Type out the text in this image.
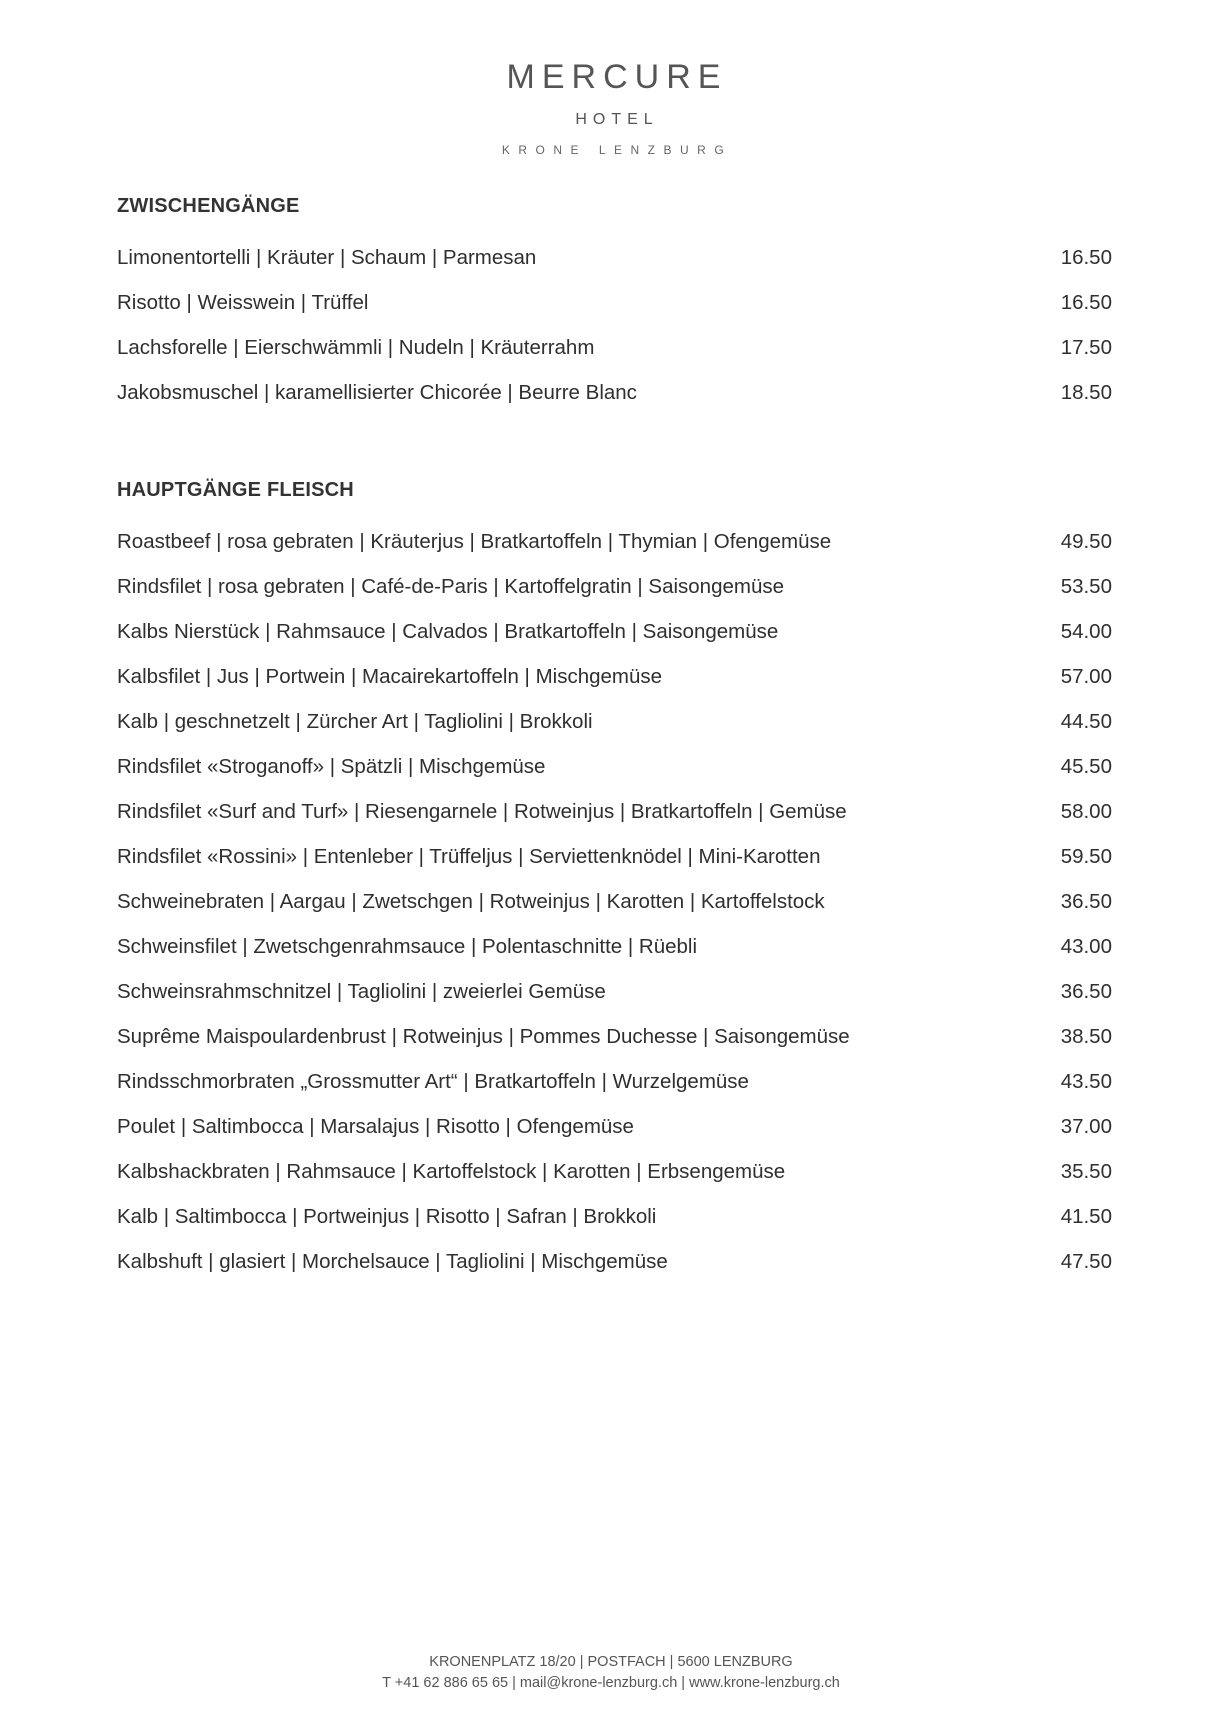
MERCURE
HOTEL
KRONE LENZBURG
ZWISCHENGÄNGE
Limonentortelli | Kräuter | Schaum | Parmesan	16.50
Risotto | Weisswein | Trüffel	16.50
Lachsforelle | Eierschwämmli | Nudeln | Kräuterrahm	17.50
Jakobsmuschel | karamellisierter Chicorée | Beurre Blanc	18.50
HAUPTGÄNGE FLEISCH
Roastbeef | rosa gebraten | Kräuterjus | Bratkartoffeln | Thymian | Ofengemüse	49.50
Rindsfilet | rosa gebraten | Café-de-Paris | Kartoffelgratin | Saisongemüse	53.50
Kalbs Nierstück | Rahmsauce | Calvados | Bratkartoffeln | Saisongemüse	54.00
Kalbsfilet | Jus | Portwein | Macairekartoffeln | Mischgemüse	57.00
Kalb | geschnetzelt | Zürcher Art | Tagliolini | Brokkoli	44.50
Rindsfilet «Stroganoff» | Spätzli | Mischgemüse	45.50
Rindsfilet «Surf and Turf» | Riesengarnele | Rotweinjus | Bratkartoffeln | Gemüse	58.00
Rindsfilet «Rossini» | Entenleber | Trüffeljus | Serviettenknödel | Mini-Karotten	59.50
Schweinebraten | Aargau | Zwetschgen | Rotweinjus | Karotten | Kartoffelstock	36.50
Schweinsfilet | Zwetschgenrahmsauce | Polentaschnitte | Rüebli	43.00
Schweinsrahmschnitzel | Tagliolini | zweierlei Gemüse	36.50
Suprême Maispoulardenbrust | Rotweinjus | Pommes Duchesse | Saisongemüse	38.50
Rindsschmorbraten „Grossmutter Art“ | Bratkartoffeln | Wurzelgemüse	43.50
Poulet | Saltimbocca | Marsalajus | Risotto | Ofengemüse	37.00
Kalbshackbraten | Rahmsauce | Kartoffelstock | Karotten | Erbsengemüse	35.50
Kalb | Saltimbocca | Portweinjus | Risotto | Safran | Brokkoli	41.50
Kalbshuft | glasiert | Morchelsauce | Tagliolini | Mischgemüse	47.50
KRONENPLATZ 18/20 | POSTFACH | 5600 LENZBURG
T +41 62 886 65 65 | mail@krone-lenzburg.ch | www.krone-lenzburg.ch
